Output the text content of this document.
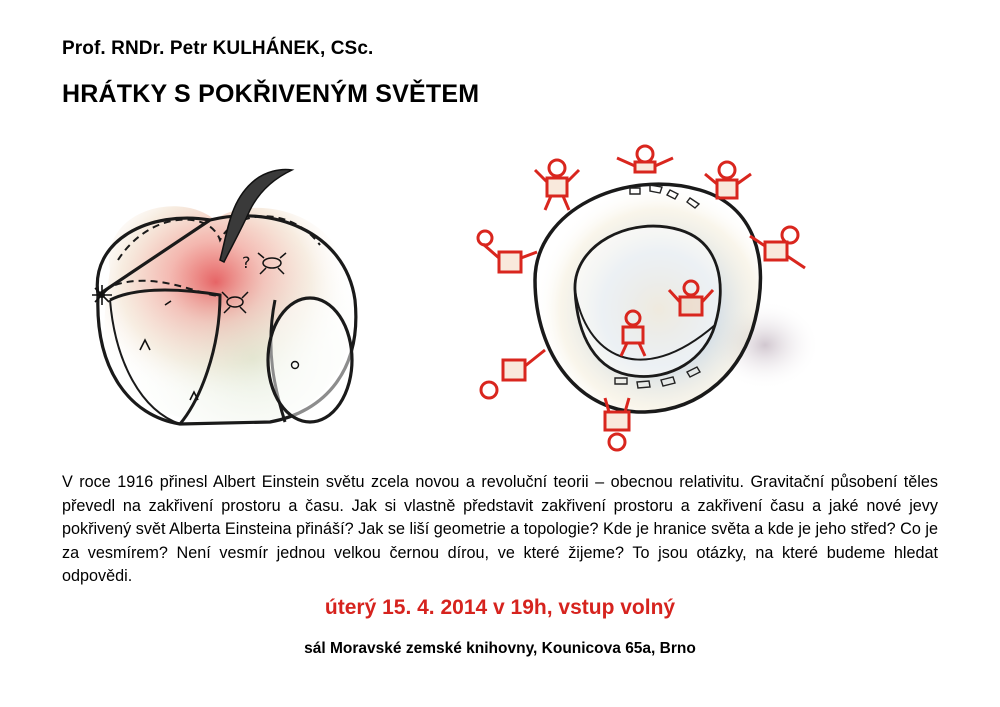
Prof. RNDr. Petr KULHÁNEK, CSc.
HRÁTKY S POKŘIVENÝM SVĚTEM
?
V roce 1916 přinesl Albert Einstein světu zcela novou a revoluční teorii – obecnou relativitu. Gravitační působení těles převedl na zakřivení prostoru a času. Jak si vlastně představit zakřivení prostoru a zakřivení času a jaké nové jevy pokřivený svět Alberta Einsteina přináší? Jak se liší geometrie a topologie? Kde je hranice světa a kde je jeho střed? Co je za vesmírem? Není vesmír jednou velkou černou dírou, ve které žijeme? To jsou otázky, na které budeme hledat odpovědi.
úterý 15. 4. 2014 v 19h, vstup volný
sál Moravské zemské knihovny, Kounicova 65a, Brno
